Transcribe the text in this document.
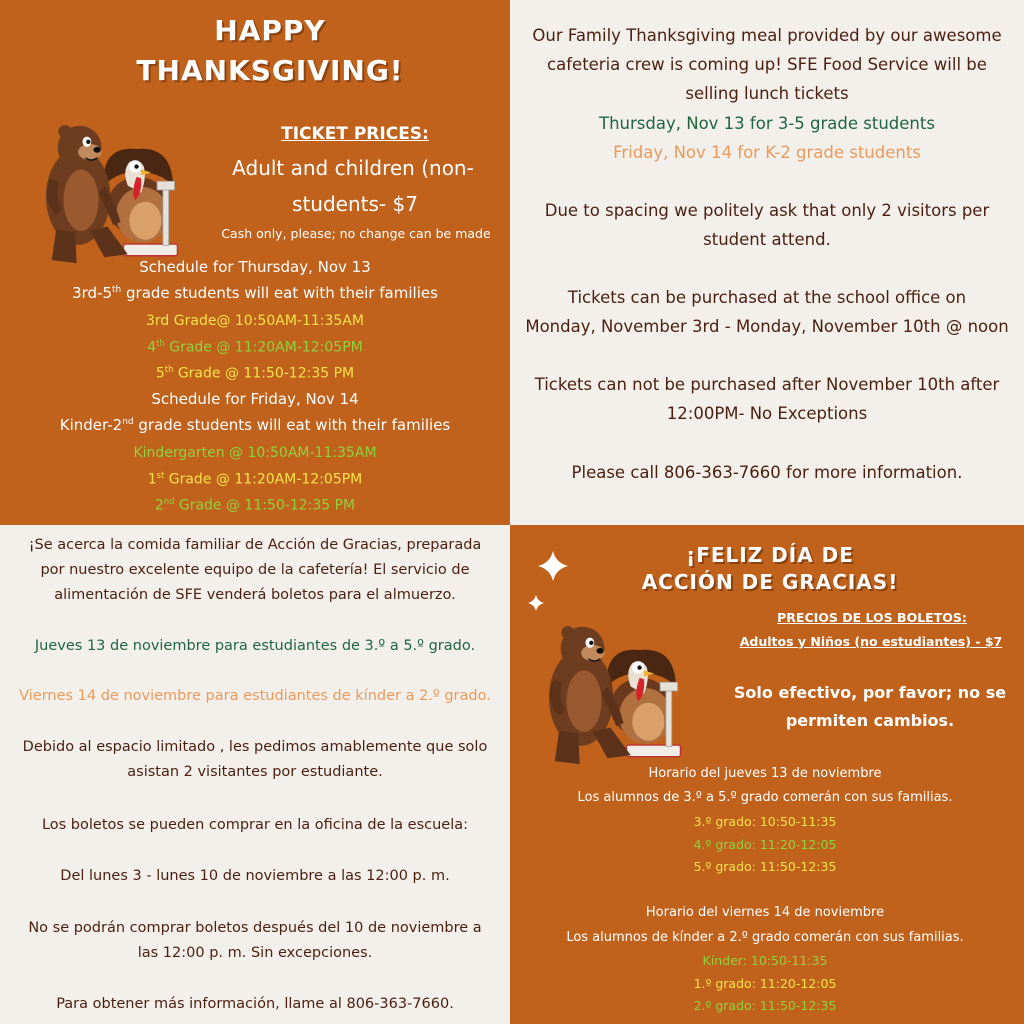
HAPPY
THANKSGIVING!
TICKET PRICES:
Adult and children (non-
students- $7
Cash only, please; no change can be made
Schedule for Thursday, Nov 13
3rd-5th grade students will eat with their families
3rd Grade@ 10:50AM-11:35AM
4th Grade @ 11:20AM-12:05PM
5th Grade @ 11:50-12:35 PM
Schedule for Friday, Nov 14
Kinder-2nd grade students will eat with their families
Kindergarten @ 10:50AM-11:35AM
1st Grade @ 11:20AM-12:05PM
2nd Grade @ 11:50-12:35 PM
Our Family Thanksgiving meal provided by our awesome
cafeteria crew is coming up! SFE Food Service will be
selling lunch tickets
Thursday, Nov 13 for 3-5 grade students
Friday, Nov 14 for K-2 grade students
Due to spacing we politely ask that only 2 visitors per
student attend.
Tickets can be purchased at the school office on
Monday, November 3rd - Monday, November 10th @ noon
Tickets can not be purchased after November 10th after
12:00PM- No Exceptions
Please call 806-363-7660 for more information.
¡Se acerca la comida familiar de Acción de Gracias, preparada
por nuestro excelente equipo de la cafetería! El servicio de
alimentación de SFE venderá boletos para el almuerzo.
Jueves 13 de noviembre para estudiantes de 3.º a 5.º grado.
Viernes 14 de noviembre para estudiantes de kínder a 2.º grado.
Debido al espacio limitado , les pedimos amablemente que solo
asistan 2 visitantes por estudiante.
Los boletos se pueden comprar en la oficina de la escuela:
Del lunes 3 - lunes 10 de noviembre a las 12:00 p. m.
No se podrán comprar boletos después del 10 de noviembre a
las 12:00 p. m. Sin excepciones.
Para obtener más información, llame al 806-363-7660.
¡FELIZ DÍA DE
ACCIÓN DE GRACIAS!
PRECIOS DE LOS BOLETOS:
Adultos y Niños (no estudiantes) - $7
Solo efectivo, por favor; no se
permiten cambios.
Horario del jueves 13 de noviembre
Los alumnos de 3.º a 5.º grado comerán con sus familias.
3.º grado: 10:50-11:35
4.º grado: 11:20-12:05
5.º grado: 11:50-12:35
Horario del viernes 14 de noviembre
Los alumnos de kínder a 2.º grado comerán con sus familias.
Kínder: 10:50-11:35
1.º grado: 11:20-12:05
2.º grado: 11:50-12:35
